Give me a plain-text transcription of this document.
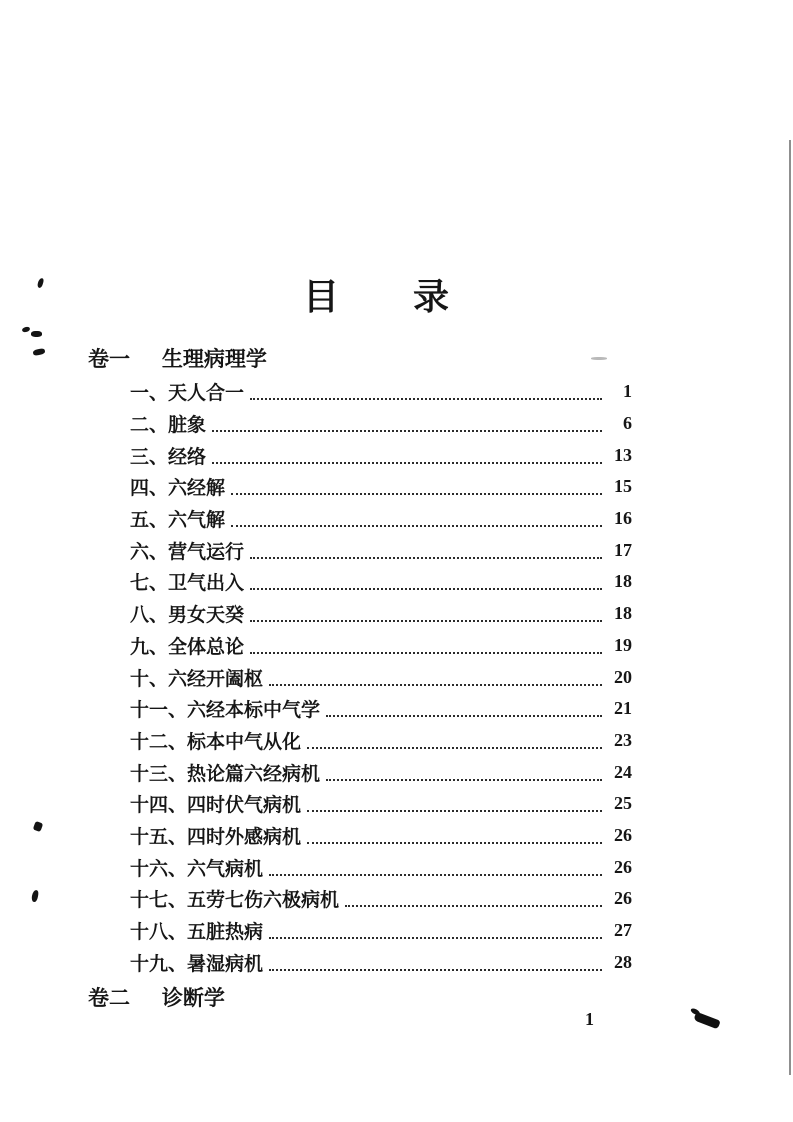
目 录
卷一 生理病理学
一、天人合一	1
二、脏象	6
三、经络	13
四、六经解	15
五、六气解	16
六、营气运行	17
七、卫气出入	18
八、男女天癸	18
九、全体总论	19
十、六经开阖枢	20
十一、六经本标中气学	21
十二、标本中气从化	23
十三、热论篇六经病机	24
十四、四时伏气病机	25
十五、四时外感病机	26
十六、六气病机	26
十七、五劳七伤六极病机	26
十八、五脏热病	27
十九、暑湿病机	28
卷二 诊断学
1
